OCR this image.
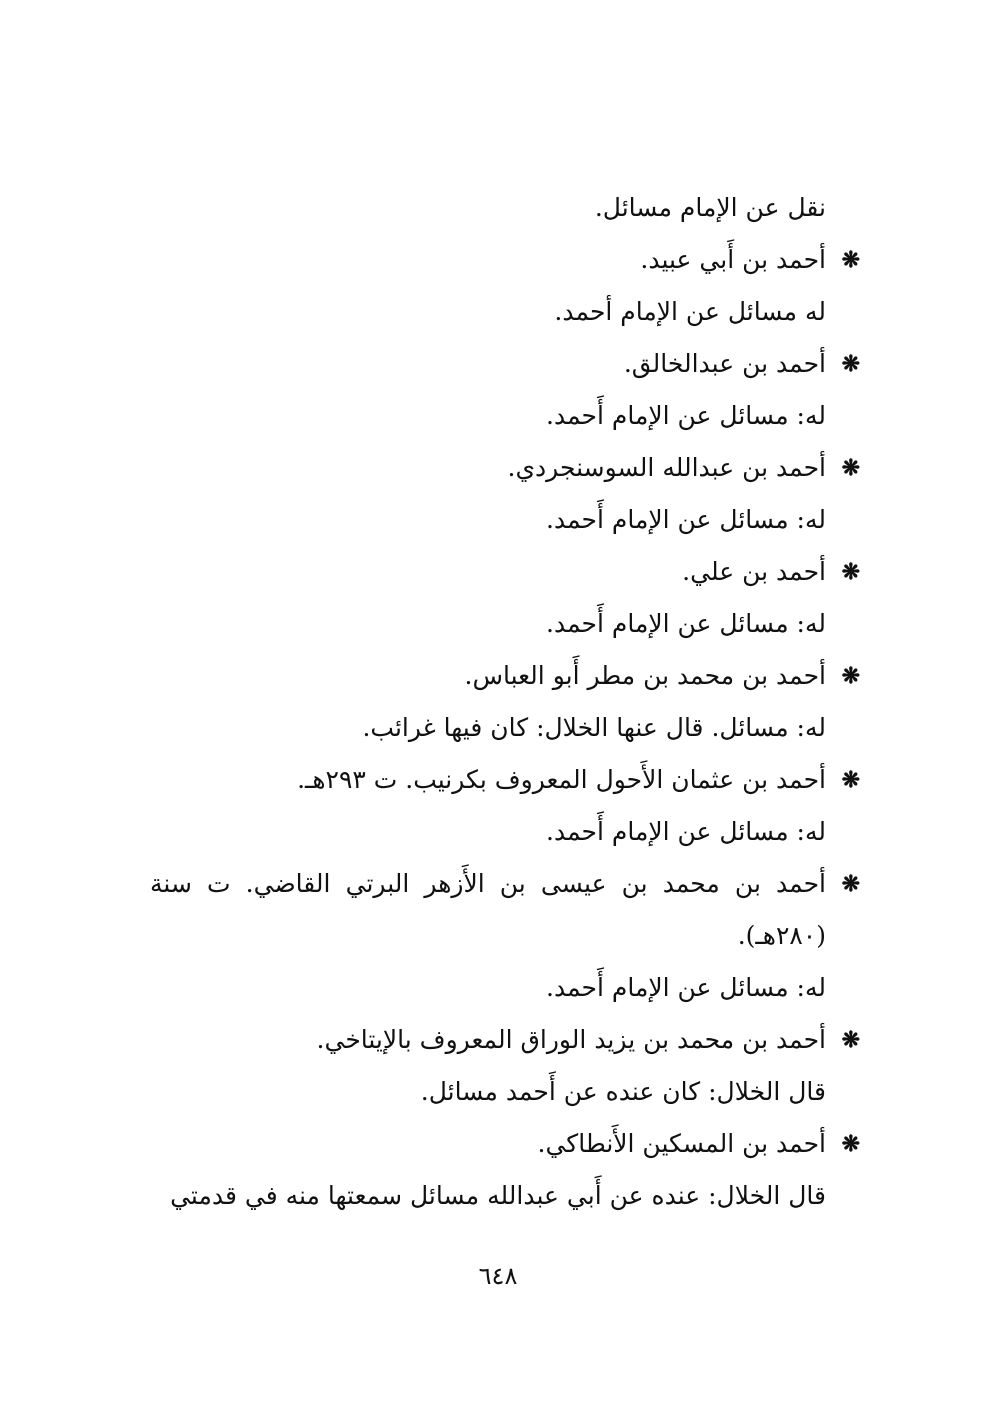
نقل عن الإمام مسائل.
❋
أحمد بن أَبي عبيد.
له مسائل عن الإمام أحمد.
❋
أحمد بن عبدالخالق.
له: مسائل عن الإمام أَحمد.
❋
أحمد بن عبدالله السوسنجردي.
له: مسائل عن الإمام أَحمد.
❋
أحمد بن علي.
له: مسائل عن الإمام أَحمد.
❋
أحمد بن محمد بن مطر أَبو العباس.
له: مسائل. قال عنها الخلال: كان فيها غرائب.
❋
أحمد بن عثمان الأَحول المعروف بكرنيب. ت ٢٩٣هـ.
له: مسائل عن الإمام أَحمد.
❋
أحمد بن محمد بن عيسى بن الأَزهر البرتي القاضي. ت سنة (٢٨٠هـ).
له: مسائل عن الإمام أَحمد.
❋
أحمد بن محمد بن يزيد الوراق المعروف بالإيتاخي.
قال الخلال: كان عنده عن أَحمد مسائل.
❋
أحمد بن المسكين الأَنطاكي.
قال الخلال: عنده عن أَبي عبدالله مسائل سمعتها منه في قدمتي
٦٤٨
